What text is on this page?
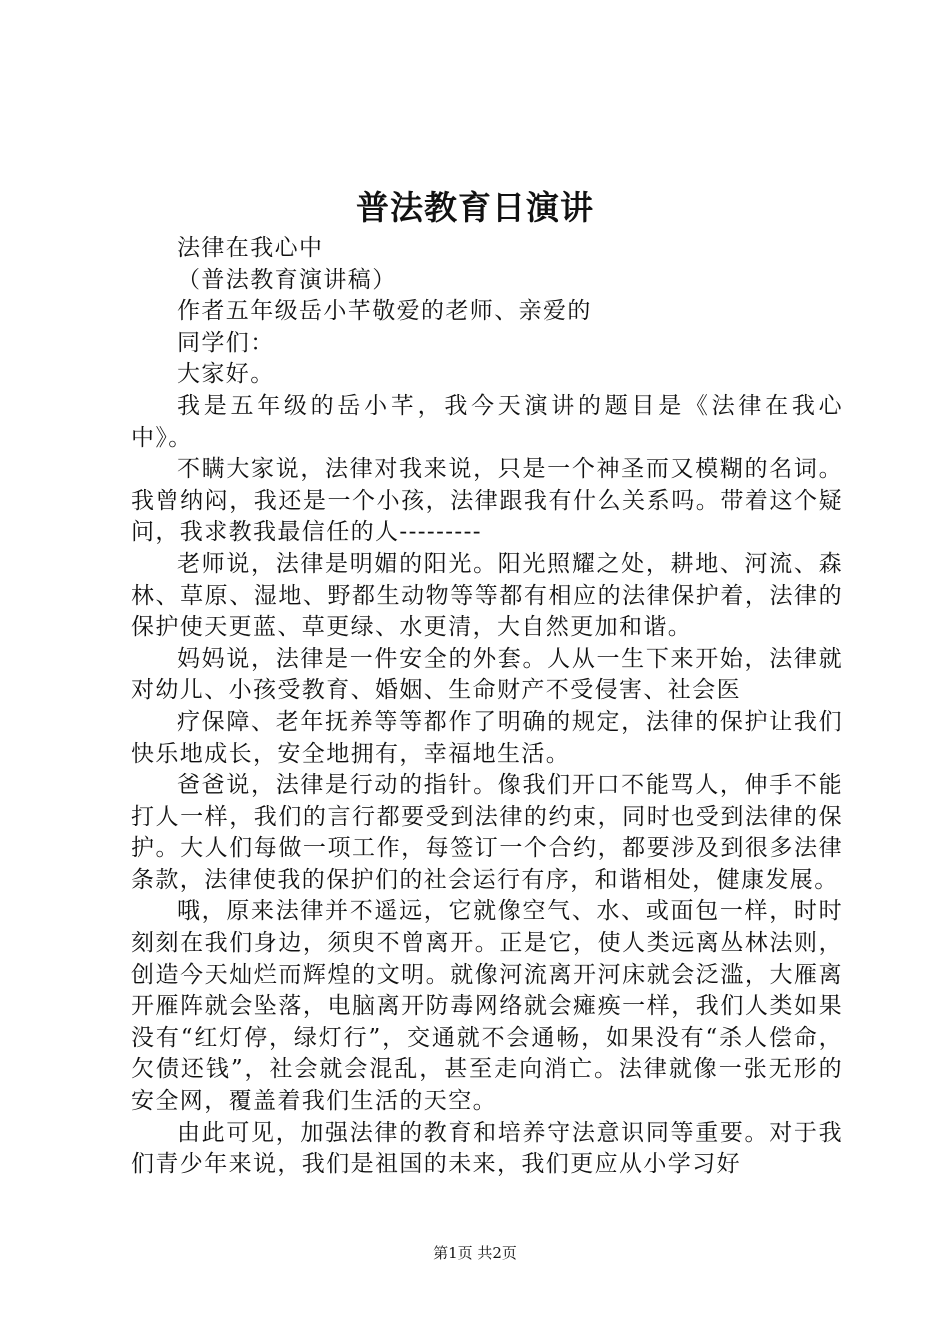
普法教育日演讲

法律在我心中

（普法教育演讲稿）

作者五年级岳小芊敬爱的老师、亲爱的

同学们：

大家好。

我是五年级的岳小芊，我今天演讲的题目是《法律在我心中》。

不瞒大家说，法律对我来说，只是一个神圣而又模糊的名词。我曾纳闷，我还是一个小孩，法律跟我有什么关系吗。带着这个疑问，我求教我最信任的人---------

老师说，法律是明媚的阳光。阳光照耀之处，耕地、河流、森林、草原、湿地、野都生动物等等都有相应的法律保护着，法律的保护使天更蓝、草更绿、水更清，大自然更加和谐。

妈妈说，法律是一件安全的外套。人从一生下来开始，法律就对幼儿、小孩受教育、婚姻、生命财产不受侵害、社会医

疗保障、老年抚养等等都作了明确的规定，法律的保护让我们快乐地成长，安全地拥有，幸福地生活。

爸爸说，法律是行动的指针。像我们开口不能骂人，伸手不能打人一样，我们的言行都要受到法律的约束，同时也受到法律的保护。大人们每做一项工作，每签订一个合约，都要涉及到很多法律条款，法律使我的保护们的社会运行有序，和谐相处，健康发展。

哦，原来法律并不遥远，它就像空气、水、或面包一样，时时刻刻在我们身边，须臾不曾离开。正是它，使人类远离丛林法则，创造今天灿烂而辉煌的文明。就像河流离开河床就会泛滥，大雁离开雁阵就会坠落，电脑离开防毒网络就会瘫痪一样，我们人类如果没有“红灯停，绿灯行”，交通就不会通畅，如果没有“杀人偿命，欠债还钱”，社会就会混乱，甚至走向消亡。法律就像一张无形的安全网，覆盖着我们生活的天空。

由此可见，加强法律的教育和培养守法意识同等重要。对于我们青少年来说，我们是祖国的未来，我们更应从小学习好

第1页 共2页
